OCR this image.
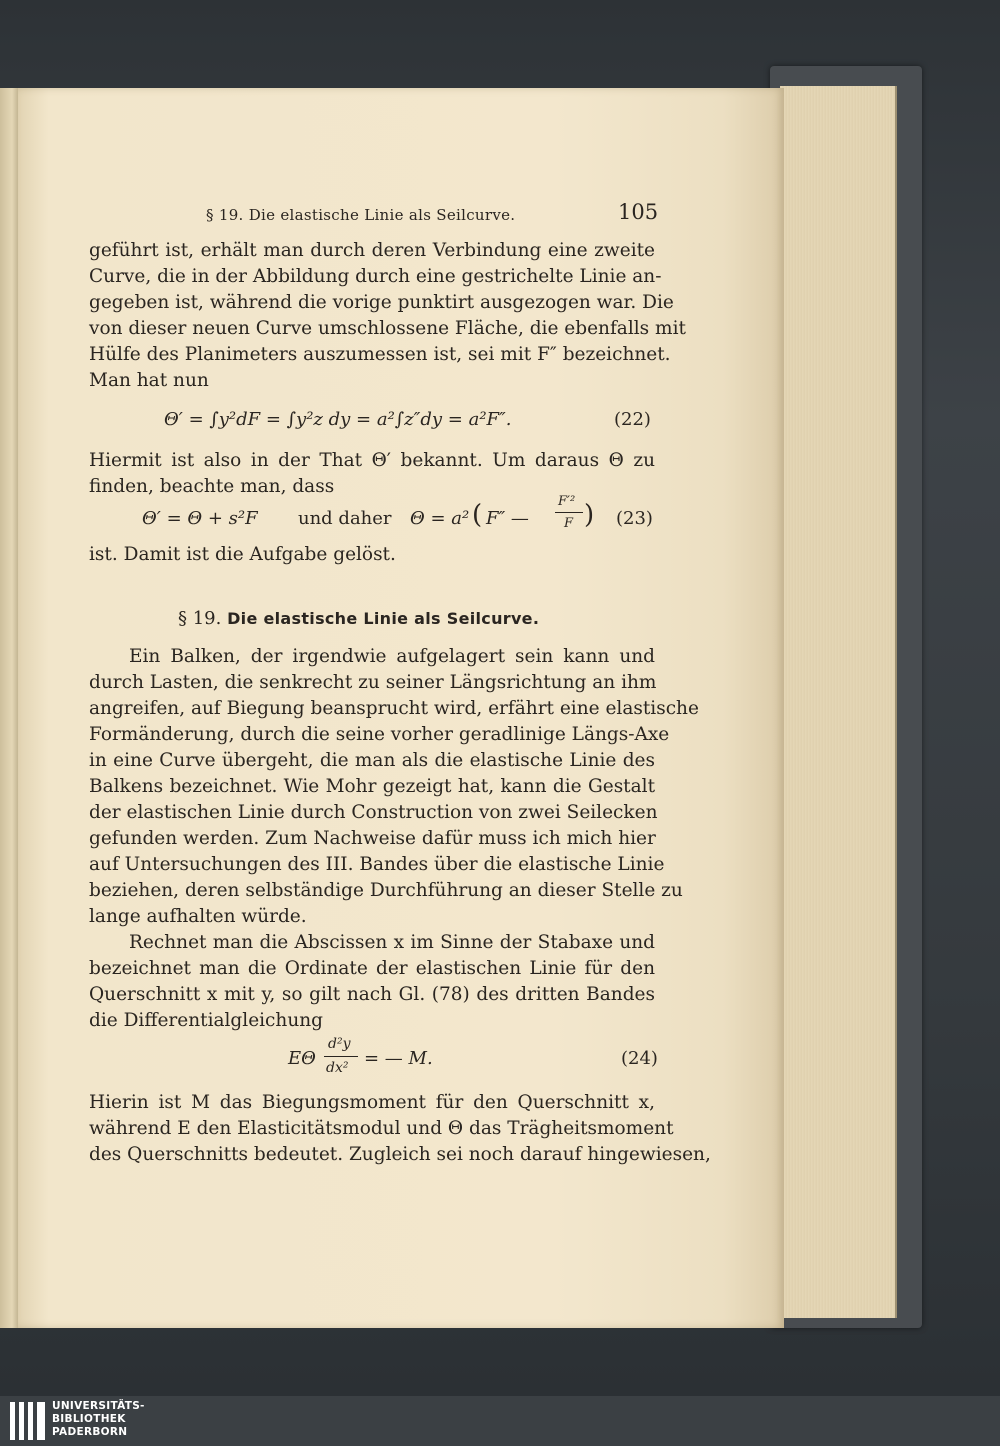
§ 19. Die elastische Linie als Seilcurve.	105
geführt ist, erhält man durch deren Verbindung eine zweite
Curve, die in der Abbildung durch eine gestrichelte Linie an-
gegeben ist, während die vorige punktirt ausgezogen war. Die
von dieser neuen Curve umschlossene Fläche, die ebenfalls mit
Hülfe des Planimeters auszumessen ist, sei mit F″ bezeichnet.
Man hat nun
Θ′ = ∫y²dF = ∫y²z dy = a²∫z″dy = a²F″.	(22)
Hiermit ist also in der That Θ′ bekannt. Um daraus Θ zu
finden, beachte man, dass
Θ′ = Θ + s²F und daher Θ = a² ( F″ —
F′²
F ) (23)
ist. Damit ist die Aufgabe gelöst.
§ 19. Die elastische Linie als Seilcurve.
Ein Balken, der irgendwie aufgelagert sein kann und
durch Lasten, die senkrecht zu seiner Längsrichtung an ihm
angreifen, auf Biegung beansprucht wird, erfährt eine elastische
Formänderung, durch die seine vorher geradlinige Längs-Axe
in eine Curve übergeht, die man als die elastische Linie des
Balkens bezeichnet. Wie Mohr gezeigt hat, kann die Gestalt
der elastischen Linie durch Construction von zwei Seilecken
gefunden werden. Zum Nachweise dafür muss ich mich hier
auf Untersuchungen des III. Bandes über die elastische Linie
beziehen, deren selbständige Durchführung an dieser Stelle zu
lange aufhalten würde.
Rechnet man die Abscissen x im Sinne der Stabaxe und
bezeichnet man die Ordinate der elastischen Linie für den
Querschnitt x mit y, so gilt nach Gl. (78) des dritten Bandes
die Differentialgleichung
EΘ
d²y
dx² = — M.	(24)
Hierin ist M das Biegungsmoment für den Querschnitt x,
während E den Elasticitätsmodul und Θ das Trägheitsmoment
des Querschnitts bedeutet. Zugleich sei noch darauf hingewiesen,
UNIVERSITÄTS-
BIBLIOTHEK
PADERBORN
